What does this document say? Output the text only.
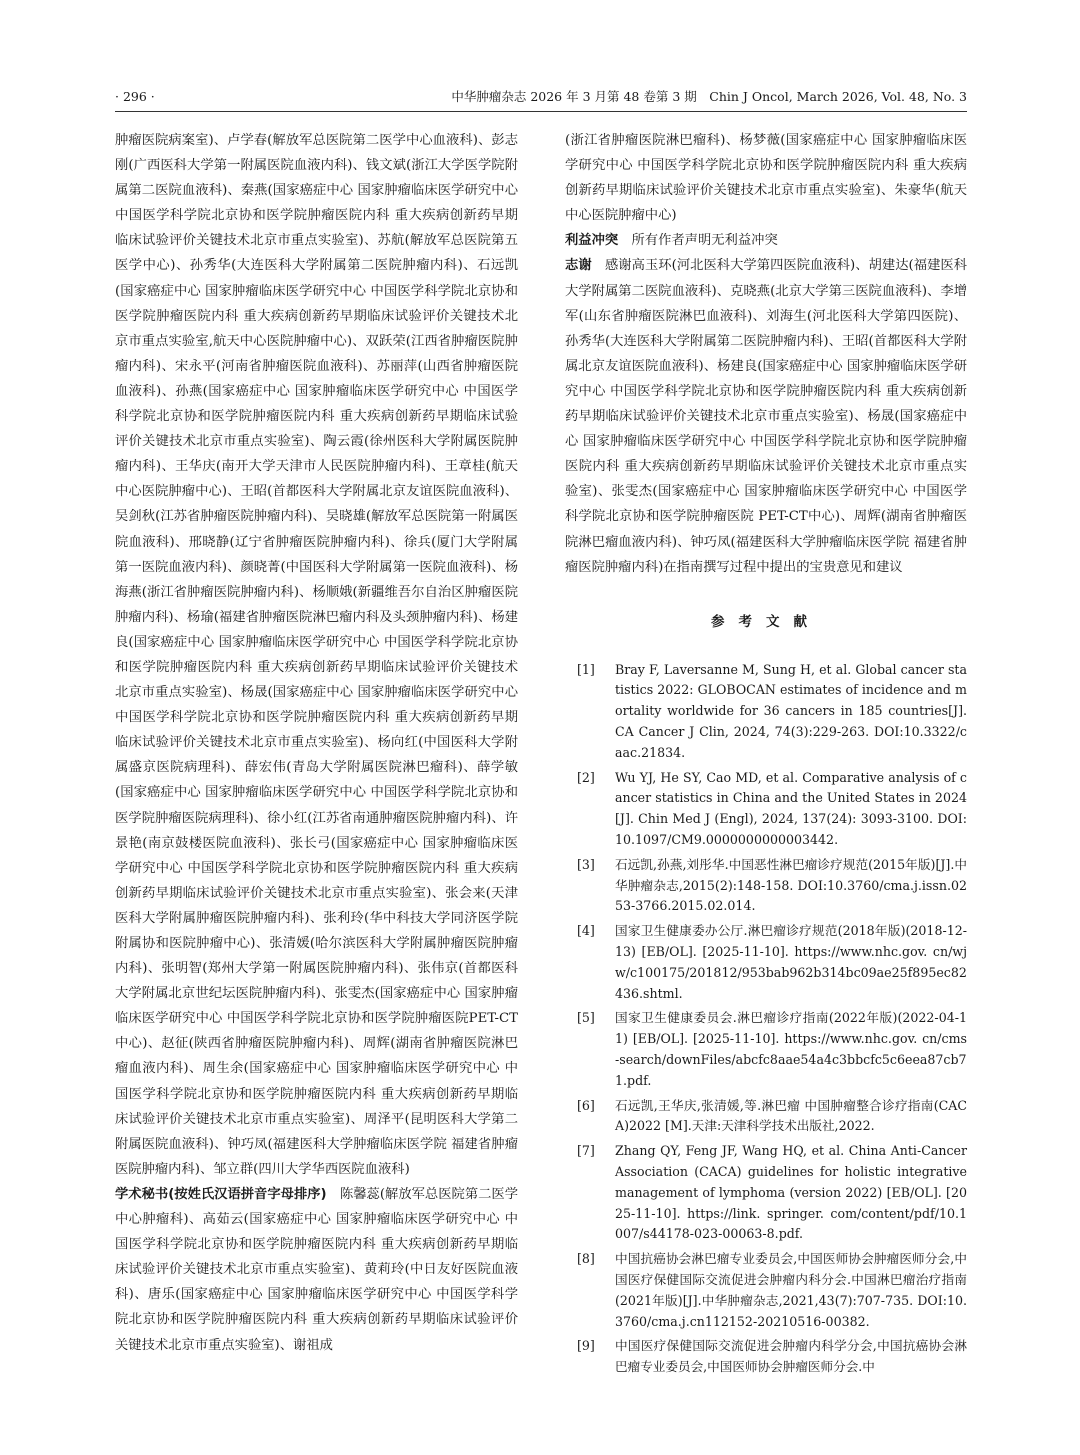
· 296 ·	中华肿瘤杂志 2026 年 3 月第 48 卷第 3 期　Chin J Oncol, March 2026, Vol. 48, No. 3

肿瘤医院病案室)、卢学春(解放军总医院第二医学中心血液科)、彭志刚(广西医科大学第一附属医院血液内科)、钱文斌(浙江大学医学院附属第二医院血液科)、秦燕(国家癌症中心 国家肿瘤临床医学研究中心 中国医学科学院北京协和医学院肿瘤医院内科 重大疾病创新药早期临床试验评价关键技术北京市重点实验室)、苏航(解放军总医院第五医学中心)、孙秀华(大连医科大学附属第二医院肿瘤内科)、石远凯(国家癌症中心 国家肿瘤临床医学研究中心 中国医学科学院北京协和医学院肿瘤医院内科 重大疾病创新药早期临床试验评价关键技术北京市重点实验室,航天中心医院肿瘤中心)、双跃荣(江西省肿瘤医院肿瘤内科)、宋永平(河南省肿瘤医院血液科)、苏丽萍(山西省肿瘤医院血液科)、孙燕(国家癌症中心 国家肿瘤临床医学研究中心 中国医学科学院北京协和医学院肿瘤医院内科 重大疾病创新药早期临床试验评价关键技术北京市重点实验室)、陶云霞(徐州医科大学附属医院肿瘤内科)、王华庆(南开大学天津市人民医院肿瘤内科)、王章桂(航天中心医院肿瘤中心)、王昭(首都医科大学附属北京友谊医院血液科)、吴剑秋(江苏省肿瘤医院肿瘤内科)、吴晓雄(解放军总医院第一附属医院血液科)、邢晓静(辽宁省肿瘤医院肿瘤内科)、徐兵(厦门大学附属第一医院血液内科)、颜晓菁(中国医科大学附属第一医院血液科)、杨海燕(浙江省肿瘤医院肿瘤内科)、杨顺娥(新疆维吾尔自治区肿瘤医院肿瘤内科)、杨瑜(福建省肿瘤医院淋巴瘤内科及头颈肿瘤内科)、杨建良(国家癌症中心 国家肿瘤临床医学研究中心 中国医学科学院北京协和医学院肿瘤医院内科 重大疾病创新药早期临床试验评价关键技术北京市重点实验室)、杨晟(国家癌症中心 国家肿瘤临床医学研究中心 中国医学科学院北京协和医学院肿瘤医院内科 重大疾病创新药早期临床试验评价关键技术北京市重点实验室)、杨向红(中国医科大学附属盛京医院病理科)、薛宏伟(青岛大学附属医院淋巴瘤科)、薛学敏(国家癌症中心 国家肿瘤临床医学研究中心 中国医学科学院北京协和医学院肿瘤医院病理科)、徐小红(江苏省南通肿瘤医院肿瘤内科)、许景艳(南京鼓楼医院血液科)、张长弓(国家癌症中心 国家肿瘤临床医学研究中心 中国医学科学院北京协和医学院肿瘤医院内科 重大疾病创新药早期临床试验评价关键技术北京市重点实验室)、张会来(天津医科大学附属肿瘤医院肿瘤内科)、张利玲(华中科技大学同济医学院附属协和医院肿瘤中心)、张清媛(哈尔滨医科大学附属肿瘤医院肿瘤内科)、张明智(郑州大学第一附属医院肿瘤内科)、张伟京(首都医科大学附属北京世纪坛医院肿瘤内科)、张雯杰(国家癌症中心 国家肿瘤临床医学研究中心 中国医学科学院北京协和医学院肿瘤医院PET-CT中心)、赵征(陕西省肿瘤医院肿瘤内科)、周辉(湖南省肿瘤医院淋巴瘤血液内科)、周生余(国家癌症中心 国家肿瘤临床医学研究中心 中国医学科学院北京协和医学院肿瘤医院内科 重大疾病创新药早期临床试验评价关键技术北京市重点实验室)、周泽平(昆明医科大学第二附属医院血液科)、钟巧凤(福建医科大学肿瘤临床医学院 福建省肿瘤医院肿瘤内科)、邹立群(四川大学华西医院血液科)

学术秘书(按姓氏汉语拼音字母排序)　 陈馨蕊(解放军总医院第二医学中心肿瘤科)、高茹云(国家癌症中心 国家肿瘤临床医学研究中心 中国医学科学院北京协和医学院肿瘤医院内科 重大疾病创新药早期临床试验评价关键技术北京市重点实验室)、黄莉玲(中日友好医院血液科)、唐乐(国家癌症中心 国家肿瘤临床医学研究中心 中国医学科学院北京协和医学院肿瘤医院内科 重大疾病创新药早期临床试验评价关键技术北京市重点实验室)、谢祖成

(浙江省肿瘤医院淋巴瘤科)、杨梦薇(国家癌症中心 国家肿瘤临床医学研究中心 中国医学科学院北京协和医学院肿瘤医院内科 重大疾病创新药早期临床试验评价关键技术北京市重点实验室)、朱豪华(航天中心医院肿瘤中心)

利益冲突　 所有作者声明无利益冲突

志谢　 感谢高玉环(河北医科大学第四医院血液科)、胡建达(福建医科大学附属第二医院血液科)、克晓燕(北京大学第三医院血液科)、李增军(山东省肿瘤医院淋巴血液科)、刘海生(河北医科大学第四医院)、孙秀华(大连医科大学附属第二医院肿瘤内科)、王昭(首都医科大学附属北京友谊医院血液科)、杨建良(国家癌症中心 国家肿瘤临床医学研究中心 中国医学科学院北京协和医学院肿瘤医院内科 重大疾病创新药早期临床试验评价关键技术北京市重点实验室)、杨晟(国家癌症中心 国家肿瘤临床医学研究中心 中国医学科学院北京协和医学院肿瘤医院内科 重大疾病创新药早期临床试验评价关键技术北京市重点实验室)、张雯杰(国家癌症中心 国家肿瘤临床医学研究中心 中国医学科学院北京协和医学院肿瘤医院 PET-CT中心)、周辉(湖南省肿瘤医院淋巴瘤血液内科)、钟巧凤(福建医科大学肿瘤临床医学院 福建省肿瘤医院肿瘤内科)在指南撰写过程中提出的宝贵意见和建议

参考文献
[1] Bray F, Laversanne M, Sung H, et al. Global cancer statistics 2022: GLOBOCAN estimates of incidence and mortality worldwide for 36 cancers in 185 countries[J]. CA Cancer J Clin, 2024, 74(3):229-263. DOI:10.3322/caac.21834.
[2] Wu YJ, He SY, Cao MD, et al. Comparative analysis of cancer statistics in China and the United States in 2024[J]. Chin Med J (Engl), 2024, 137(24): 3093-3100. DOI: 10.1097/CM9.0000000000003442.
[3] 石远凯,孙燕,刘彤华.中国恶性淋巴瘤诊疗规范(2015年版)[J].中华肿瘤杂志,2015(2):148-158. DOI:10.3760/cma.j.issn.0253-3766.2015.02.014.
[4] 国家卫生健康委办公厅.淋巴瘤诊疗规范(2018年版)(2018-12-13) [EB/OL]. [2025-11-10]. https://www.nhc.gov. cn/wjw/c100175/201812/953bab962b314bc09ae25f895ec82436.shtml.
[5] 国家卫生健康委员会.淋巴瘤诊疗指南(2022年版)(2022-04-11) [EB/OL]. [2025-11-10]. https://www.nhc.gov. cn/cms-search/downFiles/abcfc8aae54a4c3bbcfc5c6eea87cb71.pdf.
[6] 石远凯,王华庆,张清媛,等.淋巴瘤 中国肿瘤整合诊疗指南(CACA)2022 [M].天津:天津科学技术出版社,2022.
[7] Zhang QY, Feng JF, Wang HQ, et al. China Anti-Cancer Association (CACA) guidelines for holistic integrative management of lymphoma (version 2022) [EB/OL]. [2025-11-10]. https://link. springer. com/content/pdf/10.1007/s44178-023-00063-8.pdf.
[8] 中国抗癌协会淋巴瘤专业委员会,中国医师协会肿瘤医师分会,中国医疗保健国际交流促进会肿瘤内科分会.中国淋巴瘤治疗指南(2021年版)[J].中华肿瘤杂志,2021,43(7):707-735. DOI:10.3760/cma.j.cn112152-20210516-00382.
[9] 中国医疗保健国际交流促进会肿瘤内科学分会,中国抗癌协会淋巴瘤专业委员会,中国医师协会肿瘤医师分会.中
